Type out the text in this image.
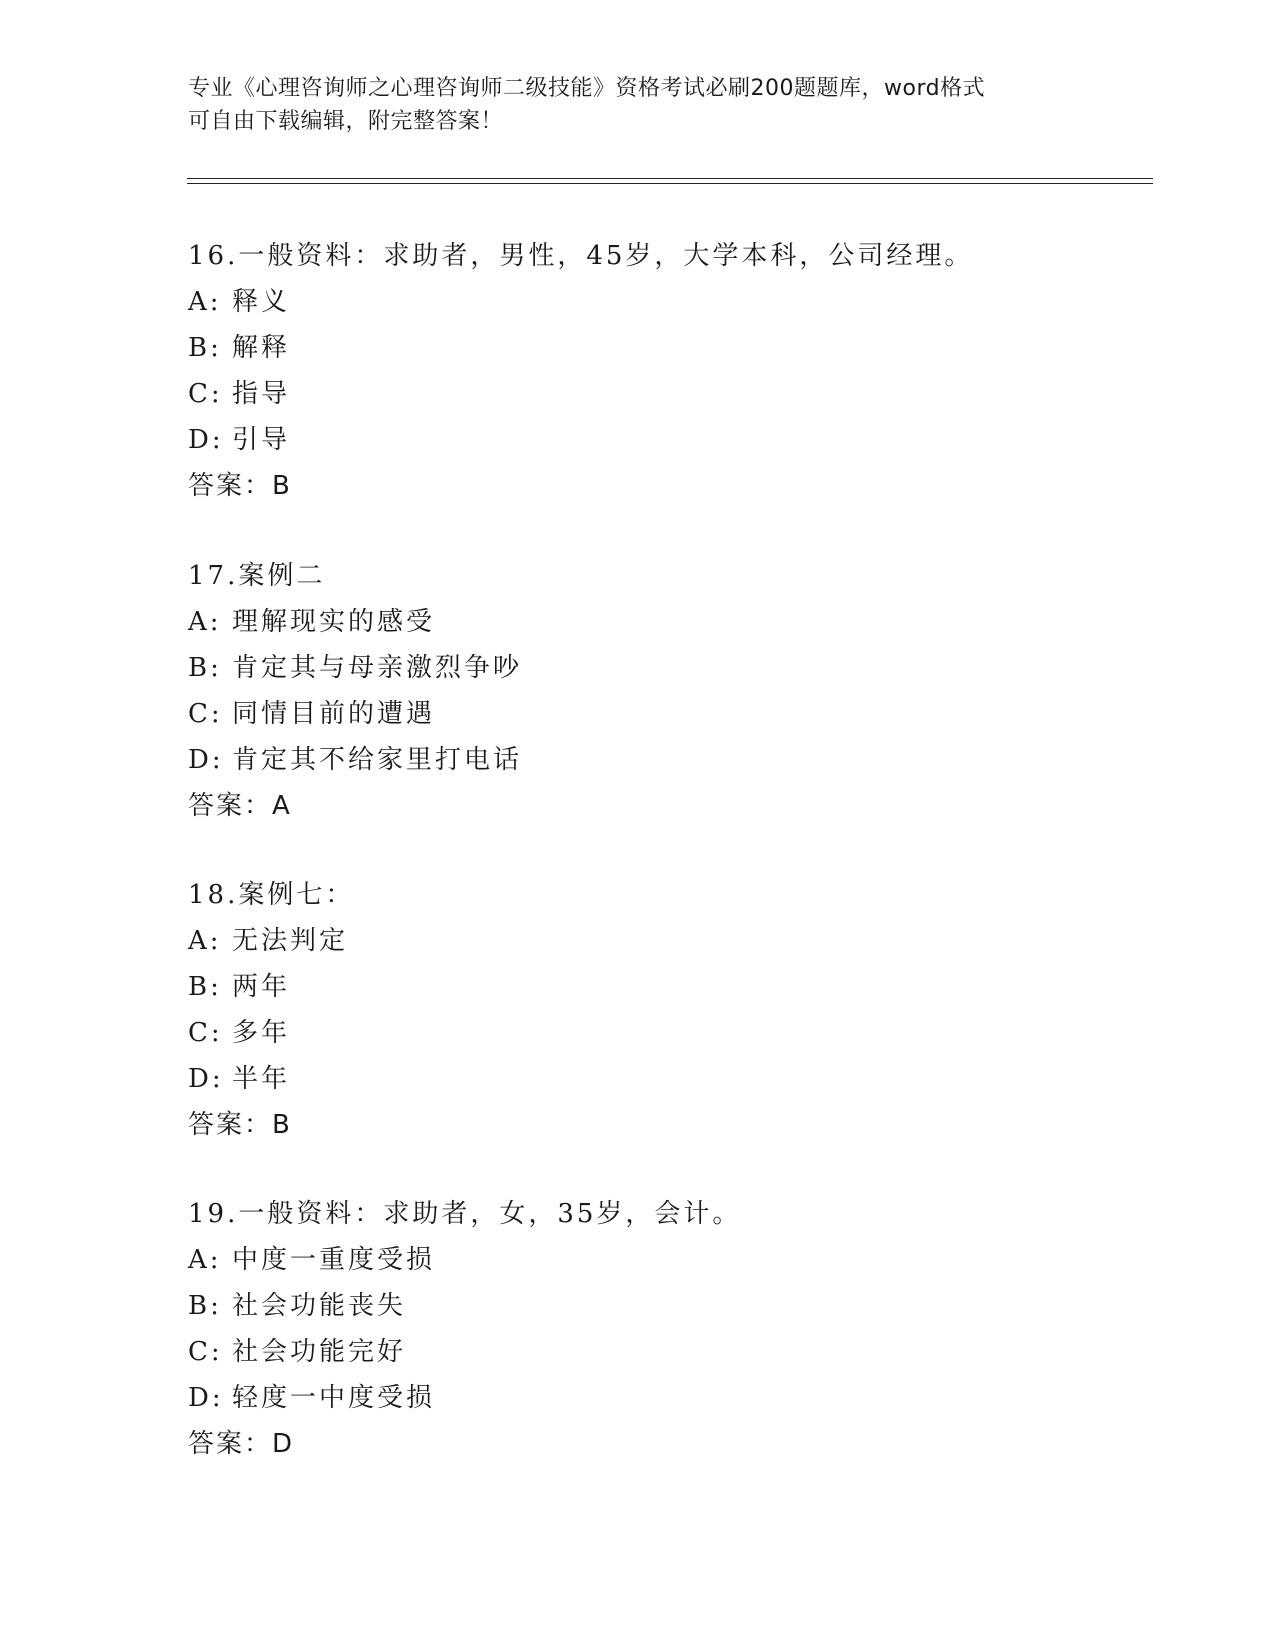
专业《心理咨询师之心理咨询师二级技能》资格考试必刷200题题库，word格式
可自由下载编辑，附完整答案！
16.一般资料：求助者，男性，45岁，大学本科，公司经理。
A: 释义
B: 解释
C: 指导
D: 引导
答案：B
17.案例二
A: 理解现实的感受
B: 肯定其与母亲激烈争吵
C: 同情目前的遭遇
D: 肯定其不给家里打电话
答案：A
18.案例七：
A: 无法判定
B: 两年
C: 多年
D: 半年
答案：B
19.一般资料：求助者，女，35岁，会计。
A: 中度一重度受损
B: 社会功能丧失
C: 社会功能完好
D: 轻度一中度受损
答案：D
